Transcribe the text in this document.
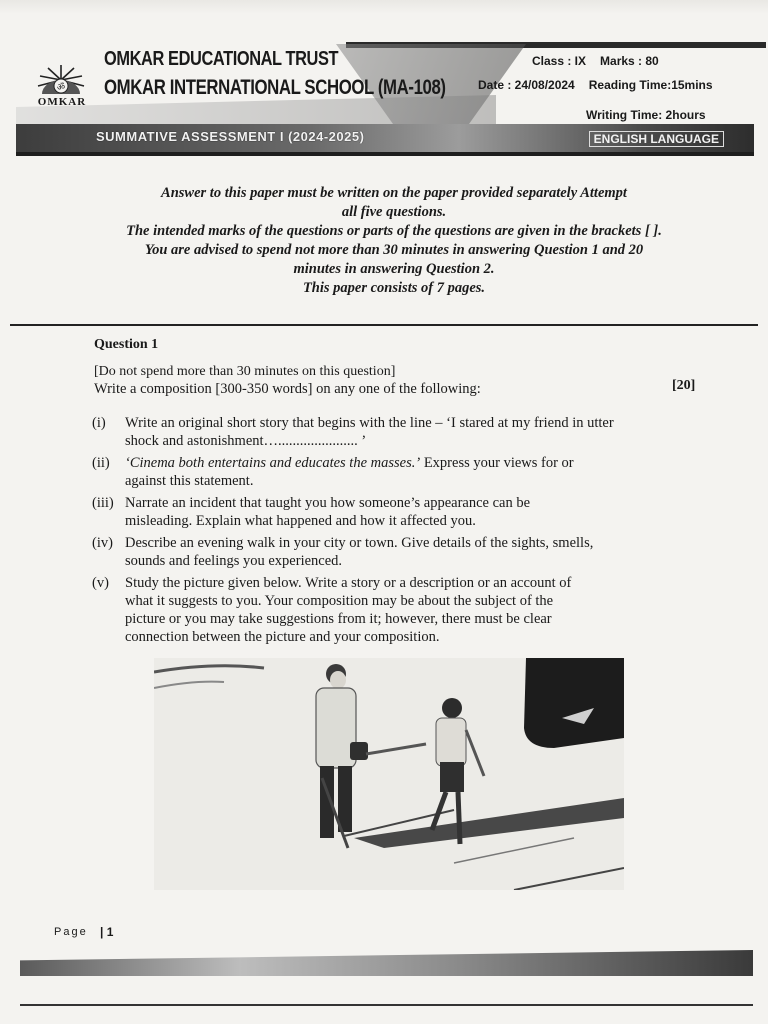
ॐ
OMKAR
OMKAR EDUCATIONAL TRUST
OMKAR INTERNATIONAL SCHOOL (MA-108)
Class : IX Marks : 80
Date : 24/08/2024 Reading Time:15mins
Writing Time: 2hours
SUMMATIVE ASSESSMENT I (2024-2025)	ENGLISH LANGUAGE
Answer to this paper must be written on the paper provided separately Attempt
all five questions.
The intended marks of the questions or parts of the questions are given in the brackets [ ].
You are advised to spend not more than 30 minutes in answering Question 1 and 20
minutes in answering Question 2.
This paper consists of 7 pages.
Question 1
[Do not spend more than 30 minutes on this question]
Write a composition [300-350 words] on any one of the following:	[20]
(i)	Write an original short story that begins with the line – ‘I stared at my friend in utter
shock and astonishment…...................... ’
(ii)	‘Cinema both entertains and educates the masses.’ Express your views for or
against this statement.
(iii) Narrate an incident that taught you how someone’s appearance can be
misleading. Explain what happened and how it affected you.
(iv) Describe an evening walk in your city or town. Give details of the sights, smells,
sounds and feelings you experienced.
(v)	Study the picture given below. Write a story or a description or an account of
what it suggests to you. Your composition may be about the subject of the
picture or you may take suggestions from it; however, there must be clear
connection between the picture and your composition.
Page | 1
